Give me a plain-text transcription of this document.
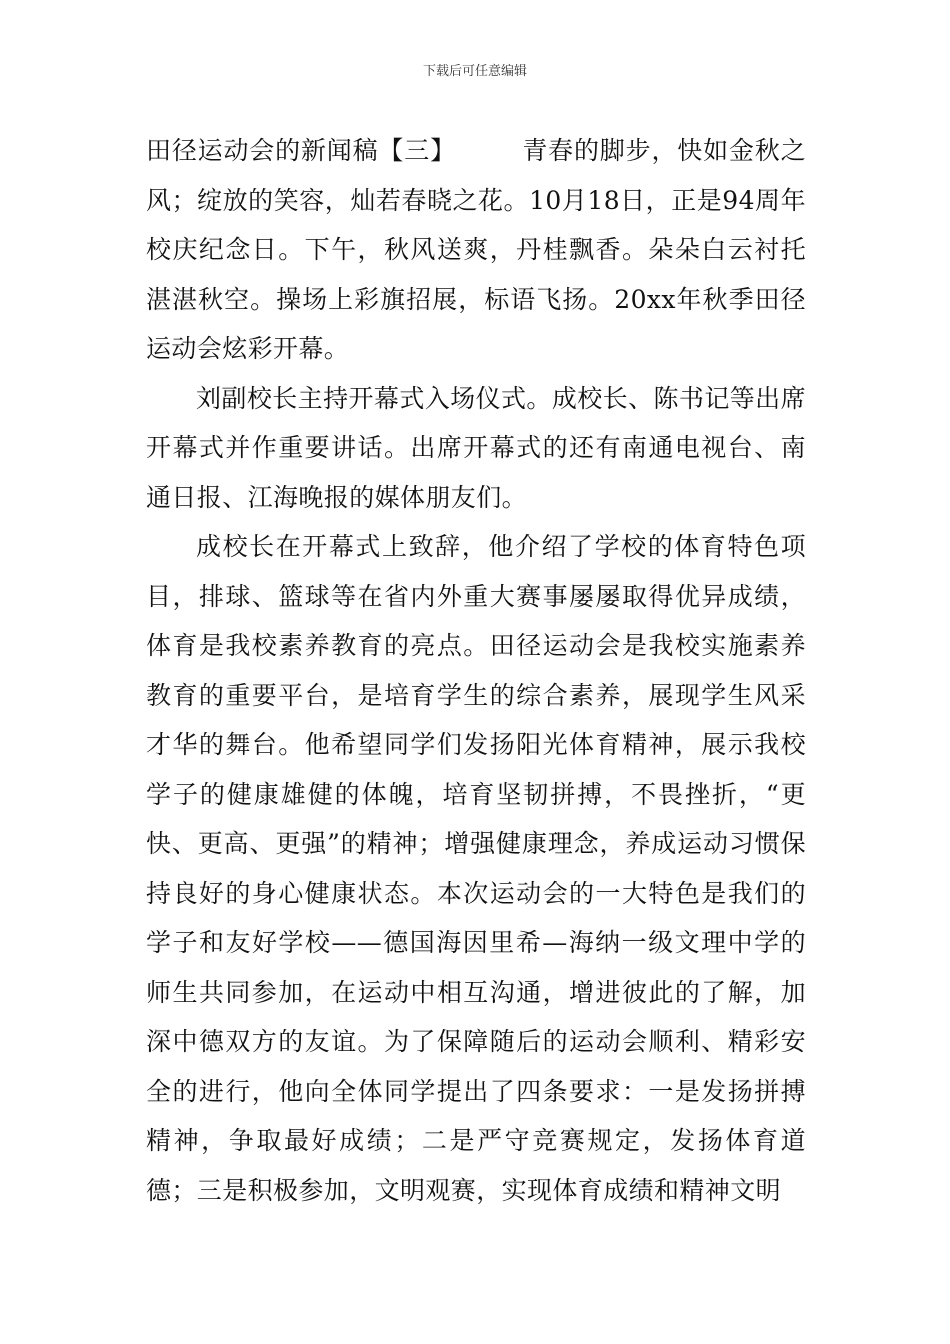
下载后可任意编辑

田径运动会的新闻稿【三】	青春的脚步，快如金秋之风；绽放的笑容，灿若春晓之花。10月18日，正是94周年校庆纪念日。下午，秋风送爽，丹桂飘香。朵朵白云衬托湛湛秋空。操场上彩旗招展，标语飞扬。20xx年秋季田径运动会炫彩开幕。

刘副校长主持开幕式入场仪式。成校长、陈书记等出席开幕式并作重要讲话。出席开幕式的还有南通电视台、南通日报、江海晚报的媒体朋友们。

成校长在开幕式上致辞，他介绍了学校的体育特色项目，排球、篮球等在省内外重大赛事屡屡取得优异成绩，体育是我校素养教育的亮点。田径运动会是我校实施素养教育的重要平台，是培育学生的综合素养，展现学生风采才华的舞台。他希望同学们发扬阳光体育精神，展示我校学子的健康雄健的体魄，培育坚韧拼搏，不畏挫折，“更快、更高、更强”的精神；增强健康理念，养成运动习惯保持良好的身心健康状态。本次运动会的一大特色是我们的学子和友好学校——德国海因里希—海纳一级文理中学的师生共同参加，在运动中相互沟通，增进彼此的了解，加深中德双方的友谊。为了保障随后的运动会顺利、精彩安全的进行，他向全体同学提出了四条要求：一是发扬拼搏精神，争取最好成绩；二是严守竞赛规定，发扬体育道德；三是积极参加，文明观赛，实现体育成绩和精神文明
